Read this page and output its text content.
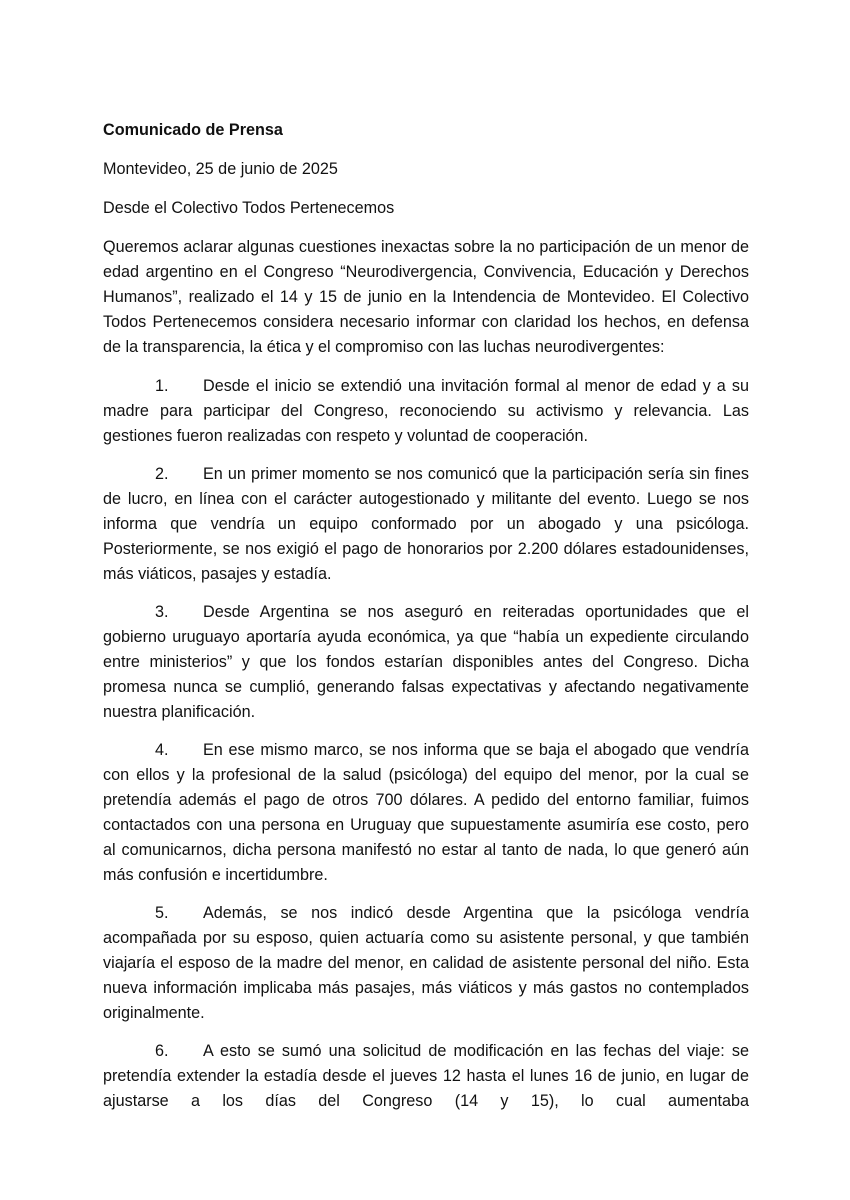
Comunicado de Prensa

Montevideo, 25 de junio de 2025

Desde el Colectivo Todos Pertenecemos

Queremos aclarar algunas cuestiones inexactas sobre la no participación de un menor de edad argentino en el Congreso “Neurodivergencia, Convivencia, Educación y Derechos Humanos”, realizado el 14 y 15 de junio en la Intendencia de Montevideo. El Colectivo Todos Pertenecemos considera necesario informar con claridad los hechos, en defensa de la transparencia, la ética y el compromiso con las luchas neurodivergentes:

1. Desde el inicio se extendió una invitación formal al menor de edad y a su madre para participar del Congreso, reconociendo su activismo y relevancia. Las gestiones fueron realizadas con respeto y voluntad de cooperación.

2. En un primer momento se nos comunicó que la participación sería sin fines de lucro, en línea con el carácter autogestionado y militante del evento. Luego se nos informa que vendría un equipo conformado por un abogado y una psicóloga. Posteriormente, se nos exigió el pago de honorarios por 2.200 dólares estadounidenses, más viáticos, pasajes y estadía.

3. Desde Argentina se nos aseguró en reiteradas oportunidades que el gobierno uruguayo aportaría ayuda económica, ya que “había un expediente circulando entre ministerios” y que los fondos estarían disponibles antes del Congreso. Dicha promesa nunca se cumplió, generando falsas expectativas y afectando negativamente nuestra planificación.

4. En ese mismo marco, se nos informa que se baja el abogado que vendría con ellos y la profesional de la salud (psicóloga) del equipo del menor, por la cual se pretendía además el pago de otros 700 dólares. A pedido del entorno familiar, fuimos contactados con una persona en Uruguay que supuestamente asumiría ese costo, pero al comunicarnos, dicha persona manifestó no estar al tanto de nada, lo que generó aún más confusión e incertidumbre.

5. Además, se nos indicó desde Argentina que la psicóloga vendría acompañada por su esposo, quien actuaría como su asistente personal, y que también viajaría el esposo de la madre del menor, en calidad de asistente personal del niño. Esta nueva información implicaba más pasajes, más viáticos y más gastos no contemplados originalmente.

6. A esto se sumó una solicitud de modificación en las fechas del viaje: se pretendía extender la estadía desde el jueves 12 hasta el lunes 16 de junio, en lugar de ajustarse a los días del Congreso (14 y 15), lo cual aumentaba
